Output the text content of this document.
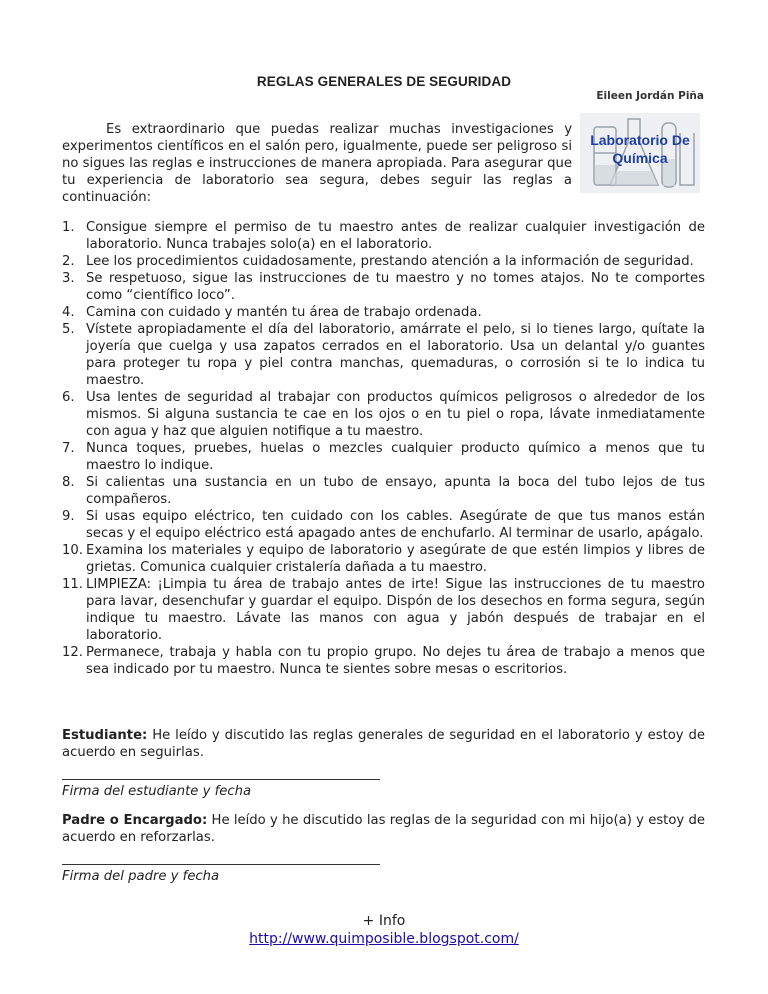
REGLAS GENERALES DE SEGURIDAD
Eileen Jordán Piña

Es extraordinario que puedas realizar muchas investigaciones y experimentos científicos en el salón pero, igualmente, puede ser peligroso si no sigues las reglas e instrucciones de manera apropiada. Para asegurar que tu experiencia de laboratorio sea segura, debes seguir las reglas a continuación:

Laboratorio De
Química
1. Consigue siempre el permiso de tu maestro antes de realizar cualquier investigación de laboratorio. Nunca trabajes solo(a) en el laboratorio.
2. Lee los procedimientos cuidadosamente, prestando atención a la información de seguridad.
3. Se respetuoso, sigue las instrucciones de tu maestro y no tomes atajos. No te comportes como “científico loco”.
4. Camina con cuidado y mantén tu área de trabajo ordenada.
5. Vístete apropiadamente el día del laboratorio, amárrate el pelo, si lo tienes largo, quítate la joyería que cuelga y usa zapatos cerrados en el laboratorio. Usa un delantal y/o guantes para proteger tu ropa y piel contra manchas, quemaduras, o corrosión si te lo indica tu maestro.
6. Usa lentes de seguridad al trabajar con productos químicos peligrosos o alrededor de los mismos. Si alguna sustancia te cae en los ojos o en tu piel o ropa, lávate inmediatamente con agua y haz que alguien notifique a tu maestro.
7. Nunca toques, pruebes, huelas o mezcles cualquier producto químico a menos que tu maestro lo indique.
8. Si calientas una sustancia en un tubo de ensayo, apunta la boca del tubo lejos de tus compañeros.
9. Si usas equipo eléctrico, ten cuidado con los cables. Asegúrate de que tus manos están secas y el equipo eléctrico está apagado antes de enchufarlo. Al terminar de usarlo, apágalo.
10. Examina los materiales y equipo de laboratorio y asegúrate de que estén limpios y libres de grietas. Comunica cualquier cristalería dañada a tu maestro.
11. LIMPIEZA: ¡Limpia tu área de trabajo antes de irte! Sigue las instrucciones de tu maestro para lavar, desenchufar y guardar el equipo. Dispón de los desechos en forma segura, según indique tu maestro. Lávate las manos con agua y jabón después de trabajar en el laboratorio.
12. Permanece, trabaja y habla con tu propio grupo. No dejes tu área de trabajo a menos que sea indicado por tu maestro. Nunca te sientes sobre mesas o escritorios.

Estudiante: He leído y discutido las reglas generales de seguridad en el laboratorio y estoy de acuerdo en seguirlas.

Firma del estudiante y fecha

Padre o Encargado: He leído y he discutido las reglas de la seguridad con mi hijo(a) y estoy de acuerdo en reforzarlas.

Firma del padre y fecha
+ Info
http://www.quimposible.blogspot.com/
